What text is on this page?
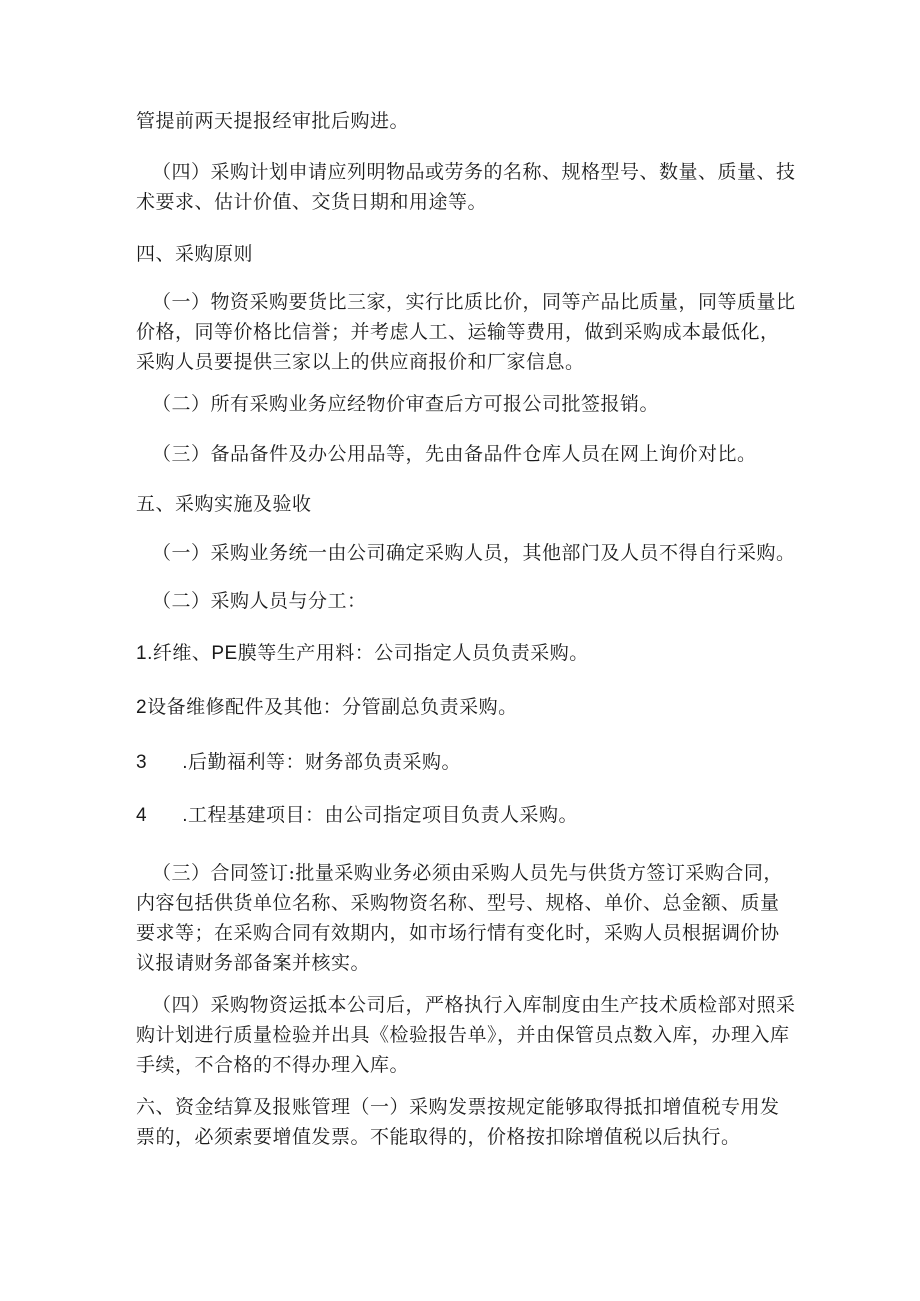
管提前两天提报经审批后购进。

（四）采购计划申请应列明物品或劳务的名称、规格型号、数量、质量、技术要求、估计价值、交货日期和用途等。

四、采购原则

（一）物资采购要货比三家，实行比质比价，同等产品比质量，同等质量比价格，同等价格比信誉；并考虑人工、运输等费用，做到采购成本最低化，采购人员要提供三家以上的供应商报价和厂家信息。

（二）所有采购业务应经物价审查后方可报公司批签报销。

（三）备品备件及办公用品等，先由备品件仓库人员在网上询价对比。

五、采购实施及验收

（一）采购业务统一由公司确定采购人员，其他部门及人员不得自行采购。

（二）采购人员与分工：

1.纤维、PE膜等生产用料：公司指定人员负责采购。

2设备维修配件及其他：分管副总负责采购。

3	.后勤福利等：财务部负责采购。

4	.工程基建项目：由公司指定项目负责人采购。

（三）合同签订:批量采购业务必须由采购人员先与供货方签订采购合同，内容包括供货单位名称、采购物资名称、型号、规格、单价、总金额、质量要求等；在采购合同有效期内，如市场行情有变化时，采购人员根据调价协议报请财务部备案并核实。

（四）采购物资运抵本公司后，严格执行入库制度由生产技术质检部对照采购计划进行质量检验并出具《检验报告单》，并由保管员点数入库，办理入库手续，不合格的不得办理入库。

六、资金结算及报账管理（一）采购发票按规定能够取得抵扣增值税专用发票的，必须索要增值发票。不能取得的，价格按扣除增值税以后执行。
